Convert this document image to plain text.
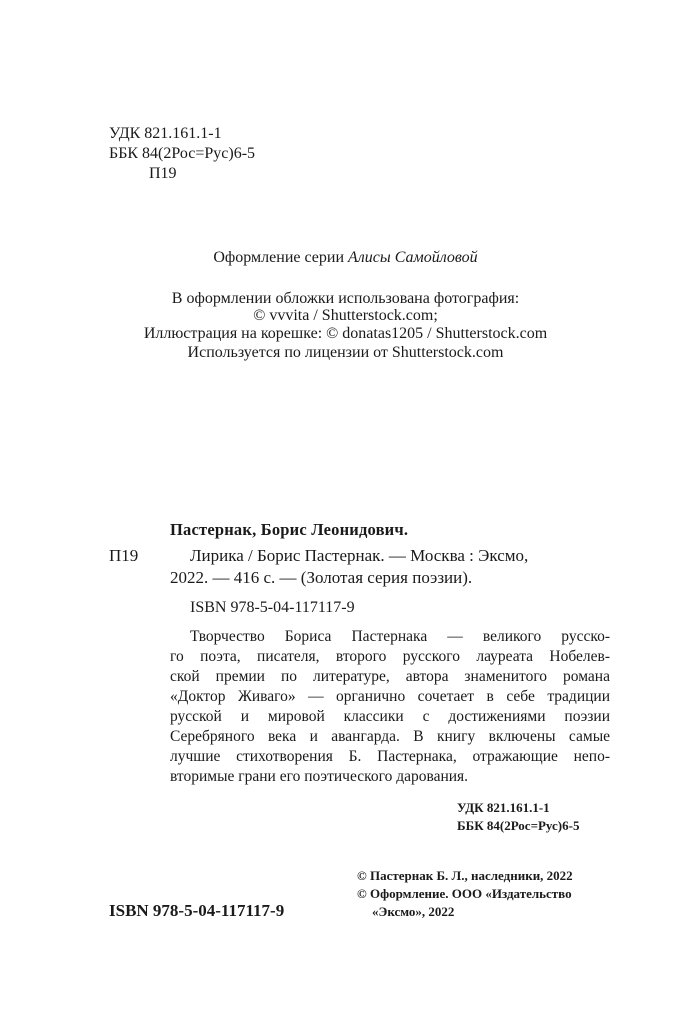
УДК 821.161.1-1
ББК 84(2Рос=Рус)6-5
П19
Оформление серии Алисы Самойловой
В оформлении обложки использована фотография:
© vvvita / Shutterstock.com;
Иллюстрация на корешке: © donatas1205 / Shutterstock.com
Используется по лицензии от Shutterstock.com
Пастернак, Борис Леонидович.
П19	Лирика / Борис Пастернак. — Москва : Эксмо,
2022. — 416 с. — (Золотая серия поэзии).
ISBN 978-5-04-117117-9
Творчество Бориса Пастернака — великого русско-
го поэта, писателя, второго русского лауреата Нобелев-
ской премии по литературе, автора знаменитого романа
«Доктор Живаго» — органично сочетает в себе традиции
русской и мировой классики с достижениями поэзии
Серебряного века и авангарда. В книгу включены самые
лучшие стихотворения Б. Пастернака, отражающие непо-
вторимые грани его поэтического дарования.
УДК 821.161.1-1
ББК 84(2Рос=Рус)6-5
© Пастернак Б. Л., наследники, 2022
© Оформление. ООО «Издательство
«Эксмо», 2022
ISBN 978-5-04-117117-9
